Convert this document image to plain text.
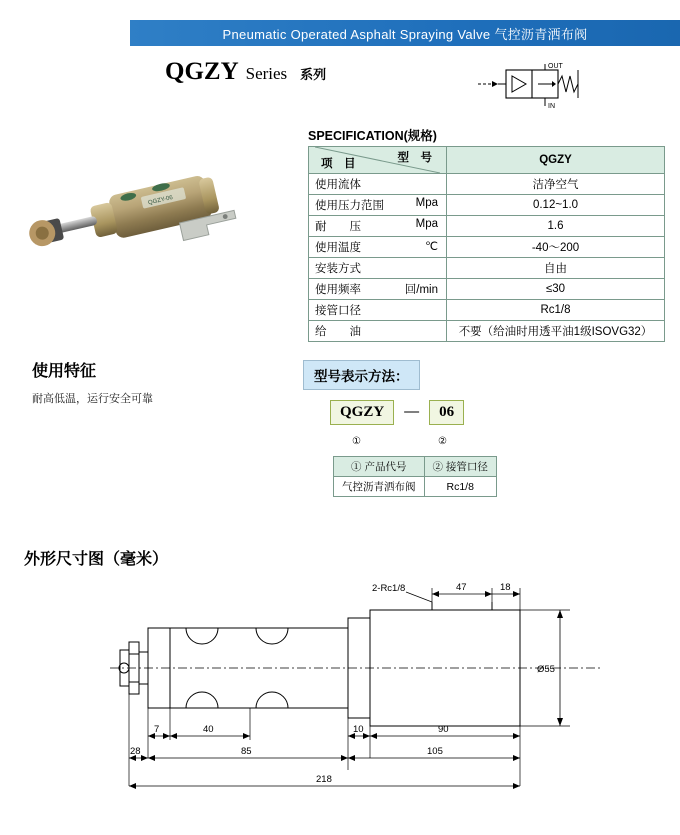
Pneumatic Operated Asphalt Spraying Valve 气控沥青洒布阀
QGZY Series 系列
OUT
IN
QGZY-06
SPECIFICATION(规格)
项　目 型　号	QGZY
使用流体	洁净空气
使用压力范围 Mpa	0.12~1.0
耐　　压 Mpa	1.6
使用温度 ℃	-40～200
安装方式	自由
使用频率 回/min	≤30
接管口径	Rc1/8
给　　油	不要（给油时用透平油1级ISOVG32）
使用特征
耐高低温，运行安全可靠
型号表示方法：
QGZY — 06
①	②
① 产品代号	② 接管口径
气控沥青洒布阀	Rc1/8
外形尺寸图（毫米）
2-Rc1/8	47	18
Ø55
7	40	10	90
28	85	105
218
